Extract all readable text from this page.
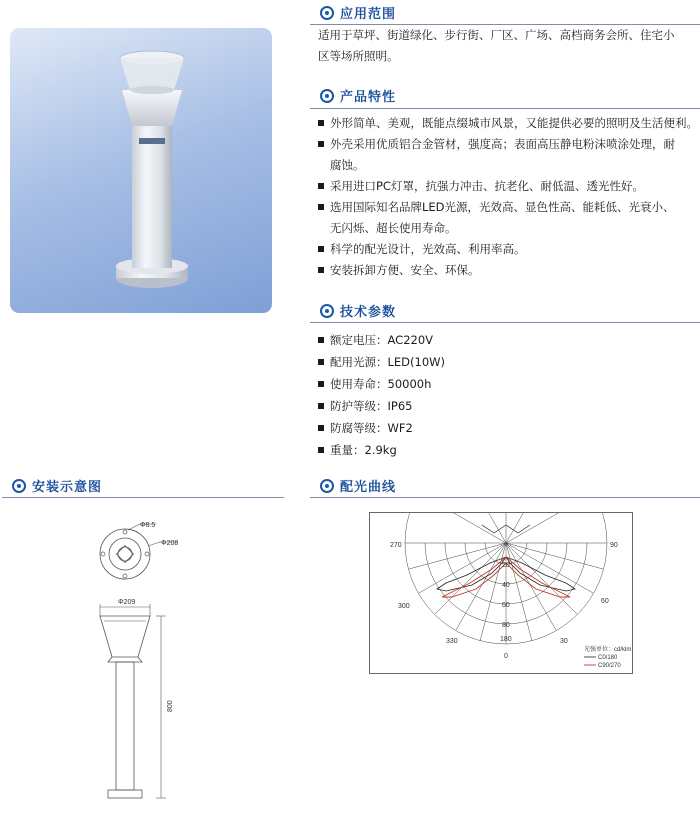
应用范围
适用于草坪、街道绿化、步行街、厂区、广场、高档商务会所、住宅小
区等场所照明。
产品特性
外形简单、美观，既能点缀城市风景，又能提供必要的照明及生活便利。
外壳采用优质铝合金管材，强度高；表面高压静电粉沫喷涂处理，耐
腐蚀。
采用进口PC灯罩，抗强力冲击、抗老化、耐低温、透光性好。
选用国际知名品牌LED光源，光效高、显色性高、能耗低、光衰小、
无闪烁、超长使用寿命。
科学的配光设计，光效高、利用率高。
安装拆卸方便、安全、环保。
技术参数
额定电压：AC220V
配用光源：LED(10W)
使用寿命：50000h
防护等级：IP65
防腐等级：WF2
重量：2.9kg
安装示意图
Φ8.5
Φ208
Φ209
800
配光曲线
270	90
300
60
330	30
180
0
20
40
60
80
光强单位：cd/klm
C0/180
C90/270
